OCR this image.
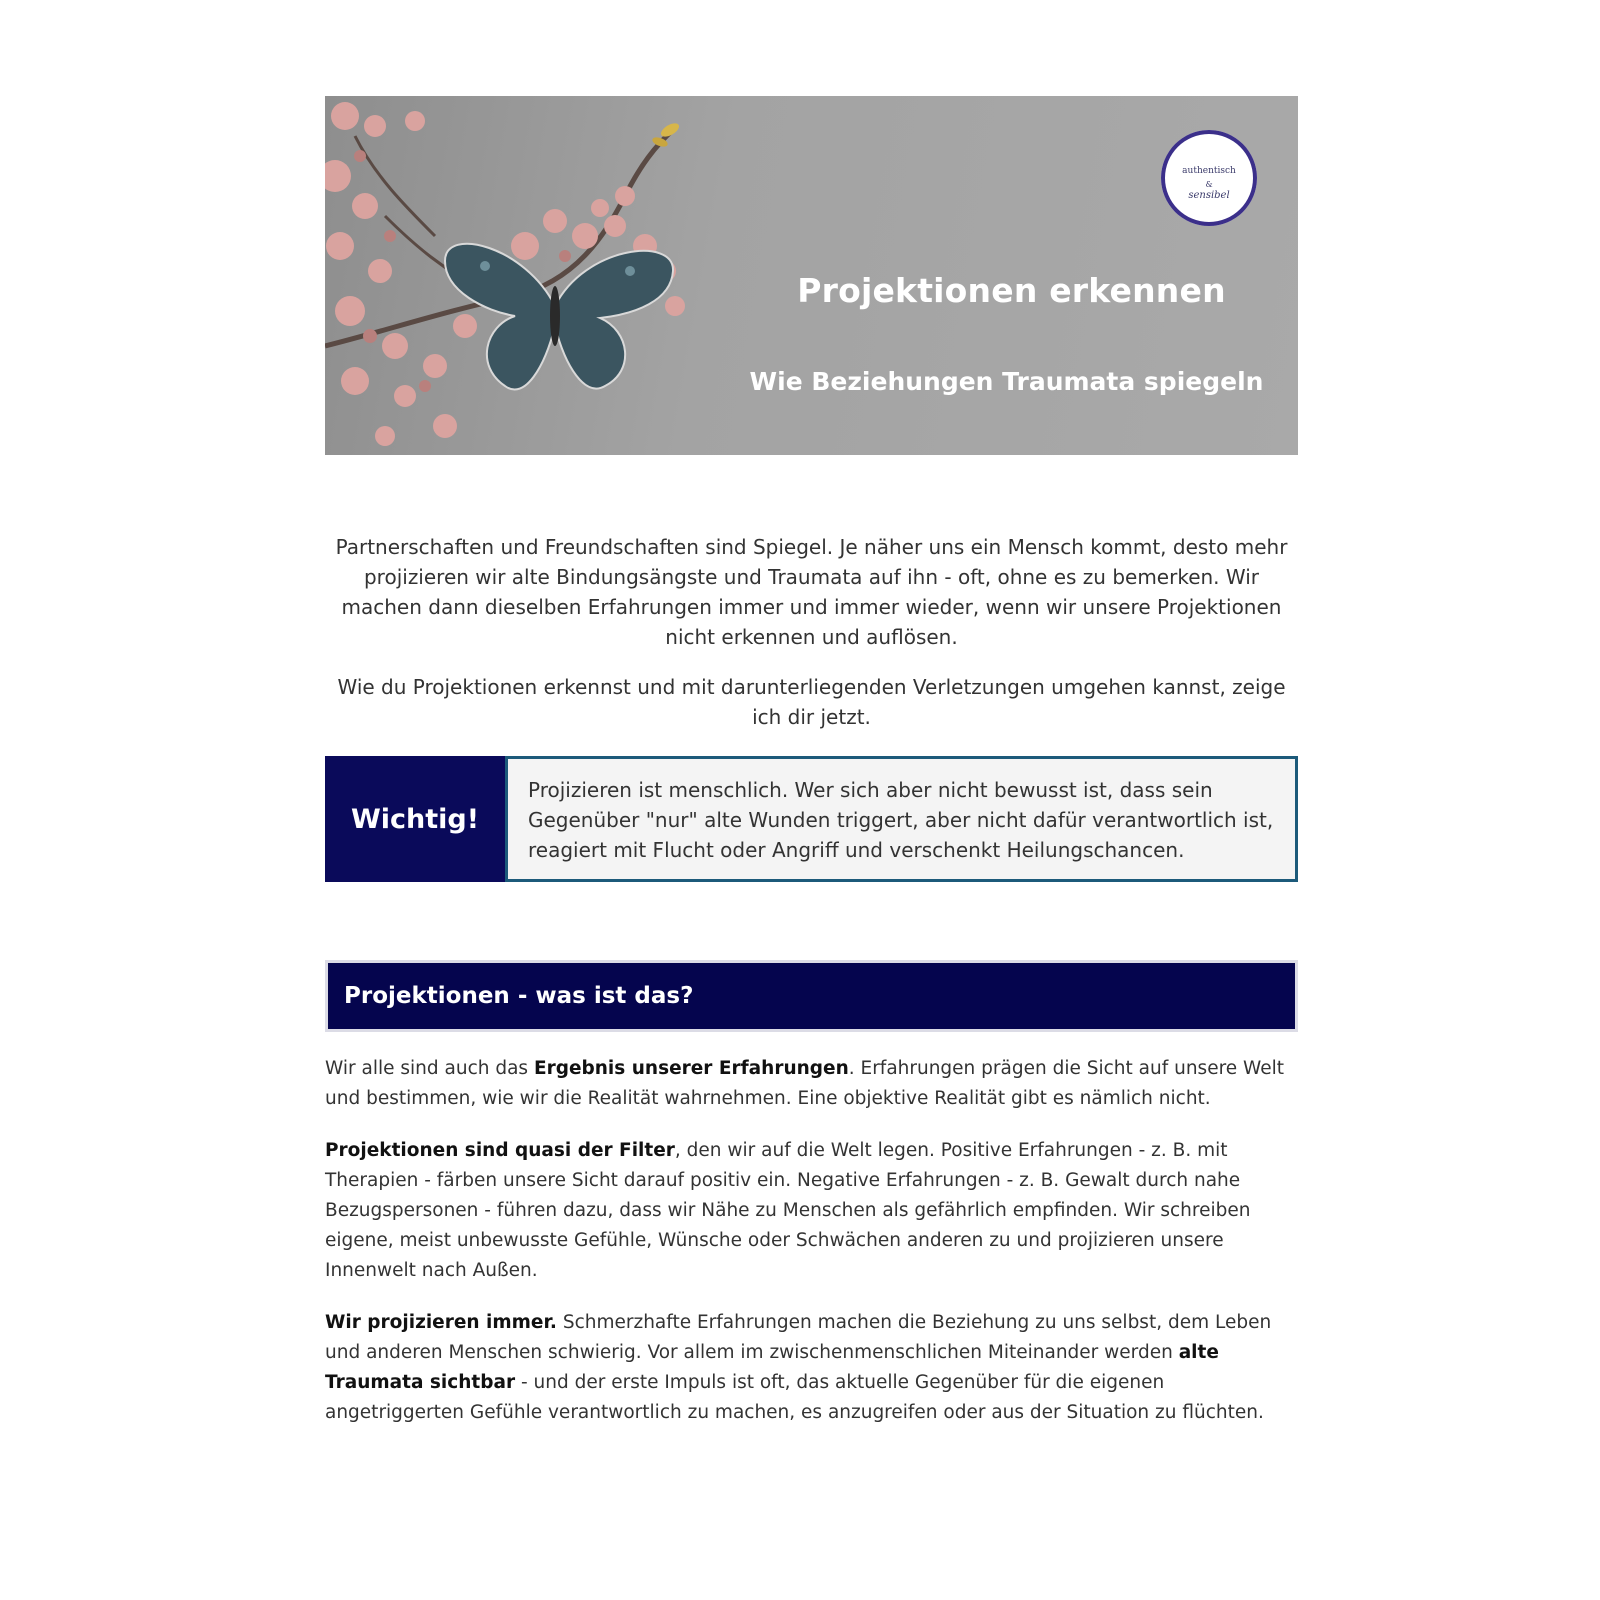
authentisch
&
sensibel
Projektionen erkennen
Wie Beziehungen Traumata spiegeln

Partnerschaften und Freundschaften sind Spiegel. Je näher uns ein Mensch kommt, desto mehr projizieren wir alte Bindungsängste und Traumata auf ihn - oft, ohne es zu bemerken. Wir machen dann dieselben Erfahrungen immer und immer wieder, wenn wir unsere Projektionen nicht erkennen und auflösen.

Wie du Projektionen erkennst und mit darunterliegenden Verletzungen umgehen kannst, zeige ich dir jetzt.

Wichtig!
Projizieren ist menschlich. Wer sich aber nicht bewusst ist, dass sein Gegenüber "nur" alte Wunden triggert, aber nicht dafür verantwortlich ist, reagiert mit Flucht oder Angriff und verschenkt Heilungschancen.
Projektionen - was ist das?

Wir alle sind auch das Ergebnis unserer Erfahrungen. Erfahrungen prägen die Sicht auf unsere Welt und bestimmen, wie wir die Realität wahrnehmen. Eine objektive Realität gibt es nämlich nicht.

Projektionen sind quasi der Filter, den wir auf die Welt legen. Positive Erfahrungen - z. B. mit Therapien - färben unsere Sicht darauf positiv ein. Negative Erfahrungen - z. B. Gewalt durch nahe Bezugspersonen - führen dazu, dass wir Nähe zu Menschen als gefährlich empfinden. Wir schreiben eigene, meist unbewusste Gefühle, Wünsche oder Schwächen anderen zu und projizieren unsere Innenwelt nach Außen.

Wir projizieren immer. Schmerzhafte Erfahrungen machen die Beziehung zu uns selbst, dem Leben und anderen Menschen schwierig. Vor allem im zwischenmenschlichen Miteinander werden alte Traumata sichtbar - und der erste Impuls ist oft, das aktuelle Gegenüber für die eigenen angetriggerten Gefühle verantwortlich zu machen, es anzugreifen oder aus der Situation zu flüchten.
